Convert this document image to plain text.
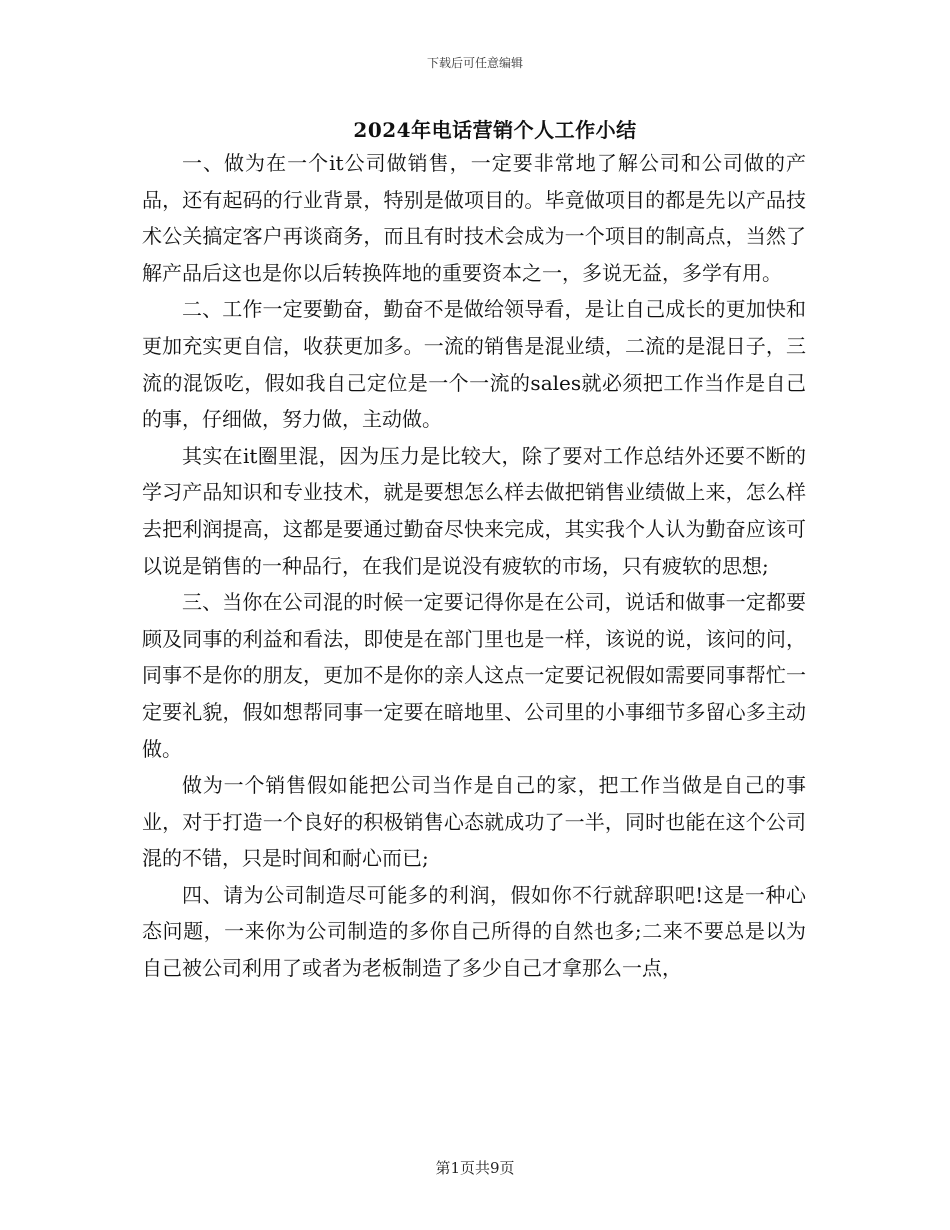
下载后可任意编辑
2024年电话营销个人工作小结

一、做为在一个it公司做销售，一定要非常地了解公司和公司做的产品，还有起码的行业背景，特别是做项目的。毕竟做项目的都是先以产品技术公关搞定客户再谈商务，而且有时技术会成为一个项目的制高点，当然了解产品后这也是你以后转换阵地的重要资本之一，多说无益，多学有用。

二、工作一定要勤奋，勤奋不是做给领导看，是让自己成长的更加快和更加充实更自信，收获更加多。一流的销售是混业绩，二流的是混日子，三流的混饭吃，假如我自己定位是一个一流的sales就必须把工作当作是自己的事，仔细做，努力做，主动做。

其实在it圈里混，因为压力是比较大，除了要对工作总结外还要不断的学习产品知识和专业技术，就是要想怎么样去做把销售业绩做上来，怎么样去把利润提高，这都是要通过勤奋尽快来完成，其实我个人认为勤奋应该可以说是销售的一种品行，在我们是说没有疲软的市场，只有疲软的思想;

三、当你在公司混的时候一定要记得你是在公司，说话和做事一定都要顾及同事的利益和看法，即使是在部门里也是一样，该说的说，该问的问，同事不是你的朋友，更加不是你的亲人这点一定要记祝假如需要同事帮忙一定要礼貌，假如想帮同事一定要在暗地里、公司里的小事细节多留心多主动做。

做为一个销售假如能把公司当作是自己的家，把工作当做是自己的事业，对于打造一个良好的积极销售心态就成功了一半，同时也能在这个公司混的不错，只是时间和耐心而已;

四、请为公司制造尽可能多的利润，假如你不行就辞职吧!这是一种心态问题，一来你为公司制造的多你自己所得的自然也多;二来不要总是以为自己被公司利用了或者为老板制造了多少自己才拿那么一点，

第1页共9页
